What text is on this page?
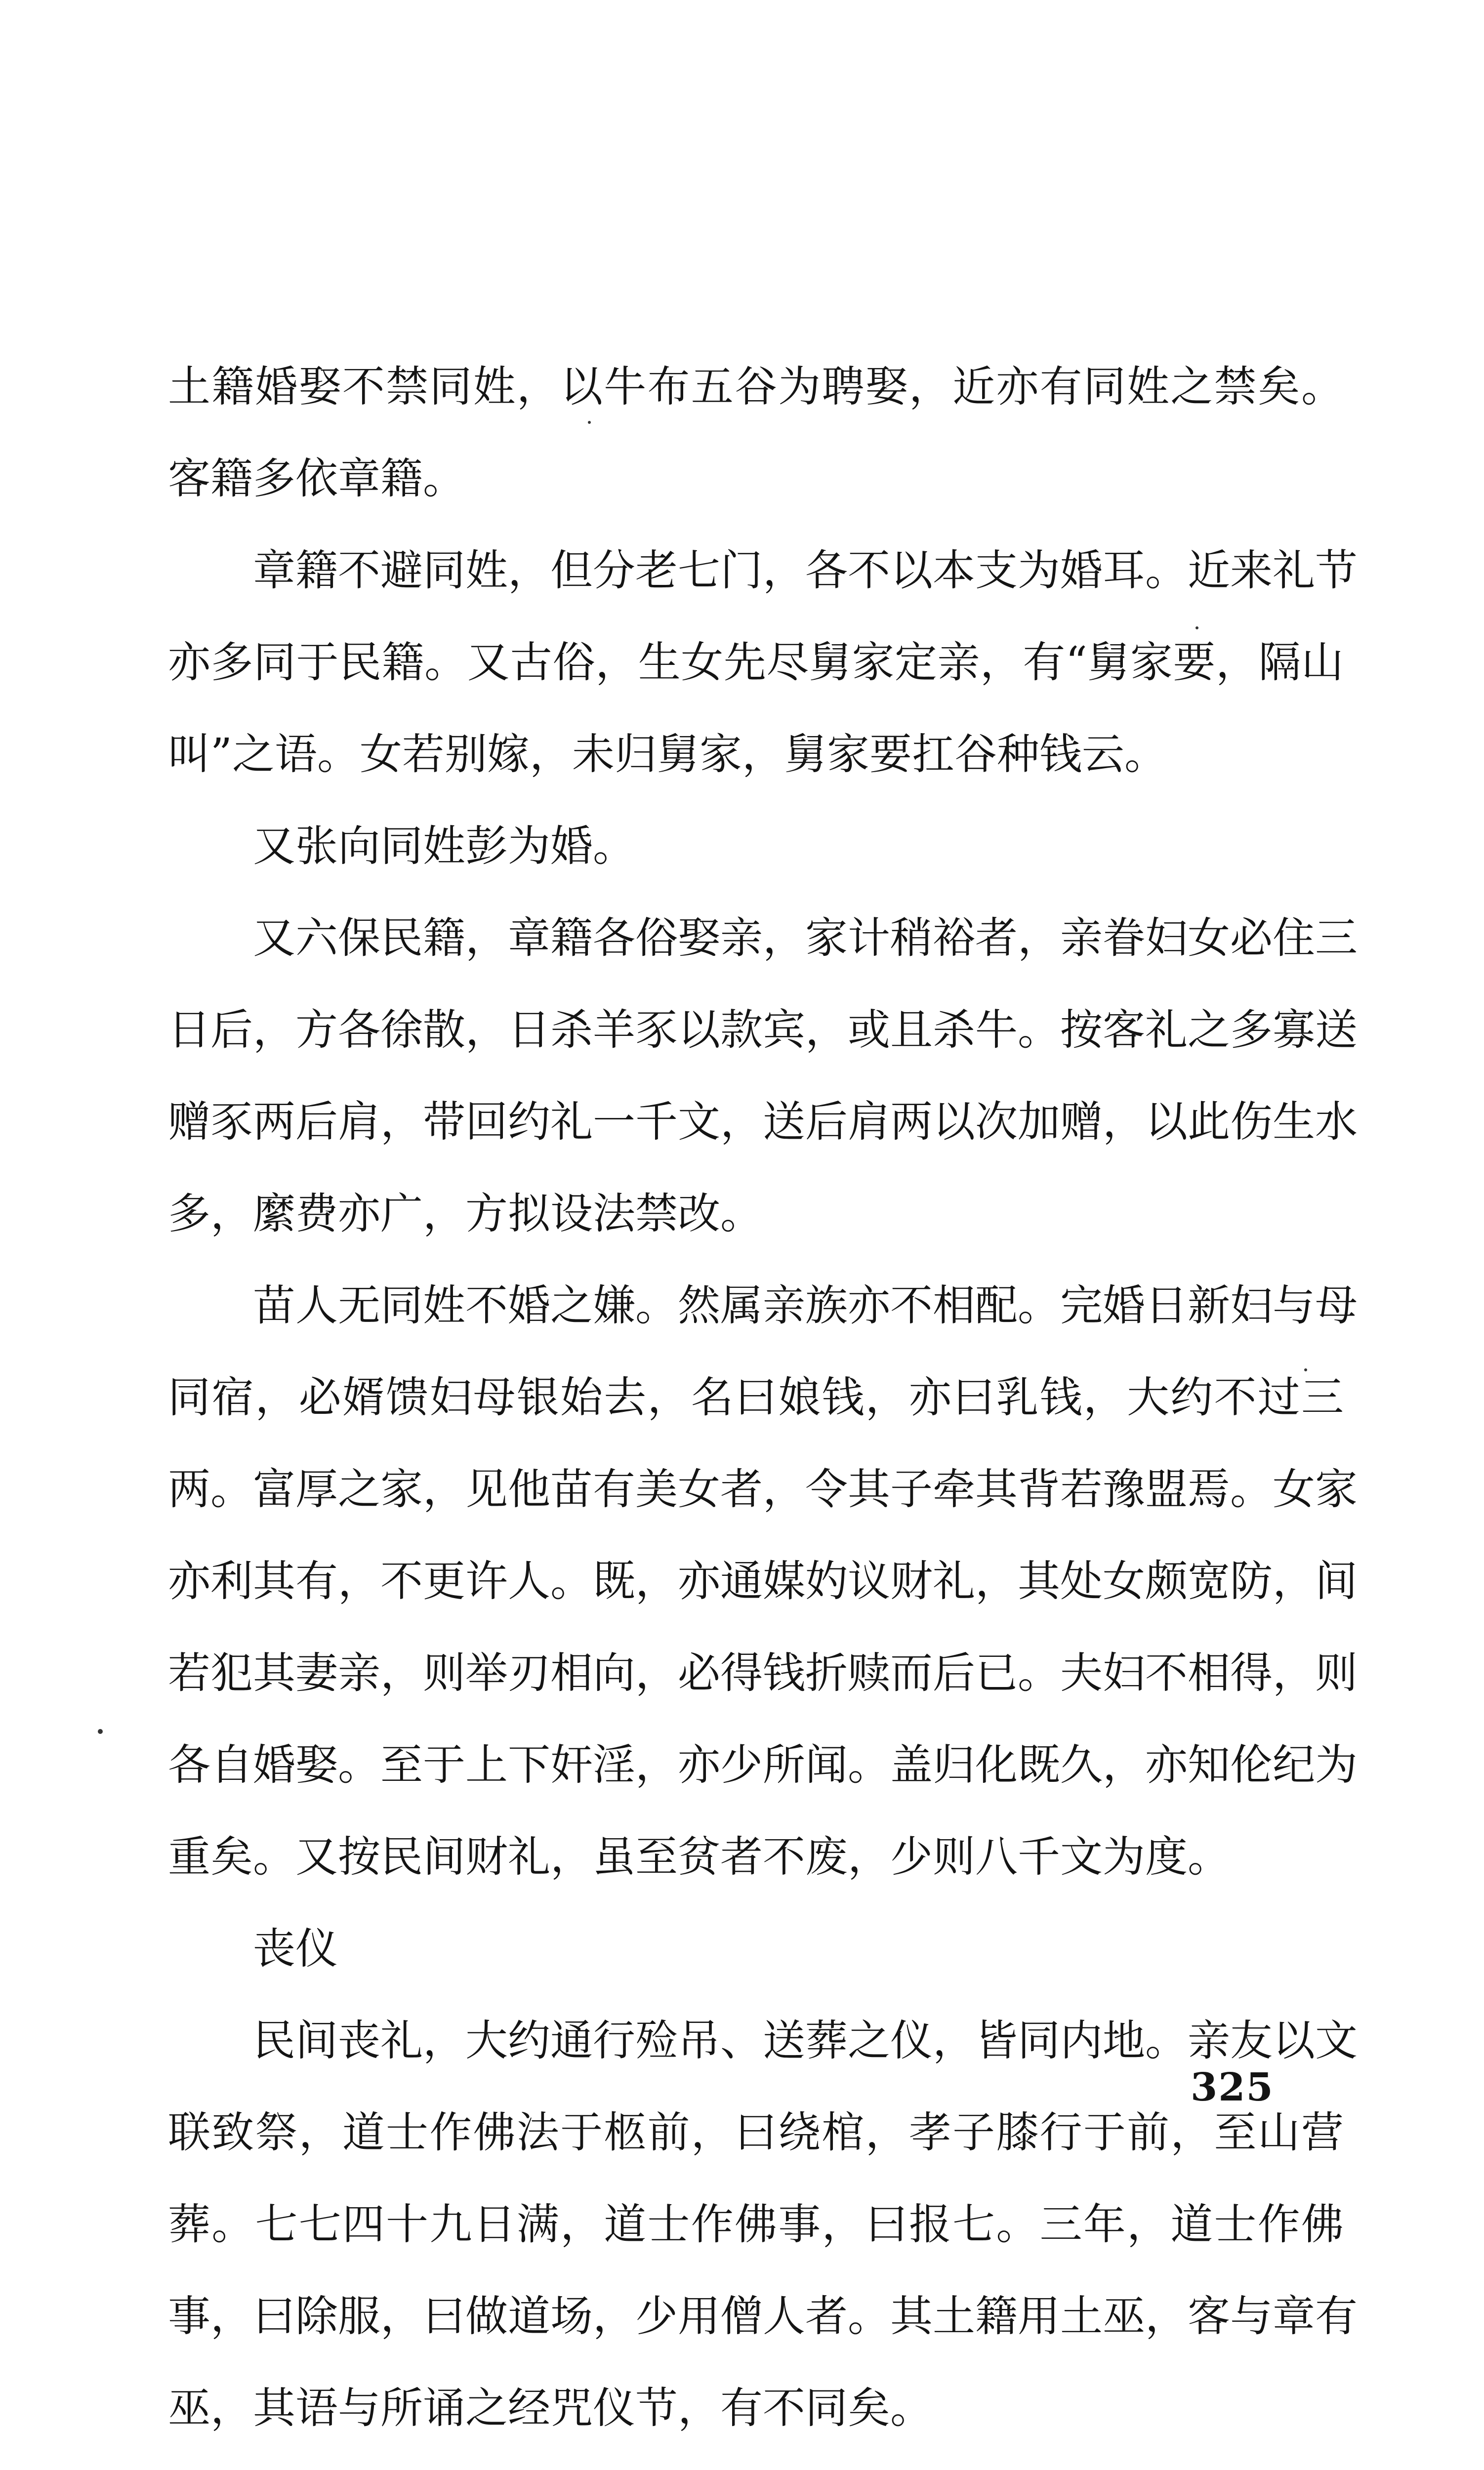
土籍婚娶不禁同姓，以牛布五谷为聘娶，近亦有同姓之禁矣。
客籍多依章籍。
章籍不避同姓，但分老七门，各不以本支为婚耳。近来礼节
亦多同于民籍。又古俗，生女先尽舅家定亲，有“舅家要，隔山
叫”之语。女若别嫁，未归舅家，舅家要扛谷种钱云。
又张向同姓彭为婚。
又六保民籍，章籍各俗娶亲，家计稍裕者，亲眷妇女必住三
日后，方各徐散，日杀羊豕以款宾，或且杀牛。按客礼之多寡送
赠豕两后肩，带回约礼一千文，送后肩两以次加赠，以此伤生水
多，縻费亦广，方拟设法禁改。
苗人无同姓不婚之嫌。然属亲族亦不相配。完婚日新妇与母
同宿，必婿馈妇母银始去，名曰娘钱，亦曰乳钱，大约不过三
两。富厚之家，见他苗有美女者，令其子牵其背若豫盟焉。女家
亦利其有，不更许人。既，亦通媒妁议财礼，其处女颇宽防，间
若犯其妻亲，则举刃相向，必得钱折赎而后已。夫妇不相得，则
各自婚娶。至于上下奸淫，亦少所闻。盖归化既久，亦知伦纪为
重矣。又按民间财礼，虽至贫者不废，少则八千文为度。
丧仪
民间丧礼，大约通行殓吊、送葬之仪，皆同内地。亲友以文
联致祭，道士作佛法于柩前，曰绕棺，孝子膝行于前，至山营
葬。七七四十九日满，道士作佛事，曰报七。三年，道士作佛
事，曰除服，曰做道场，少用僧人者。其土籍用土巫，客与章有
巫，其语与所诵之经咒仪节，有不同矣。
325
